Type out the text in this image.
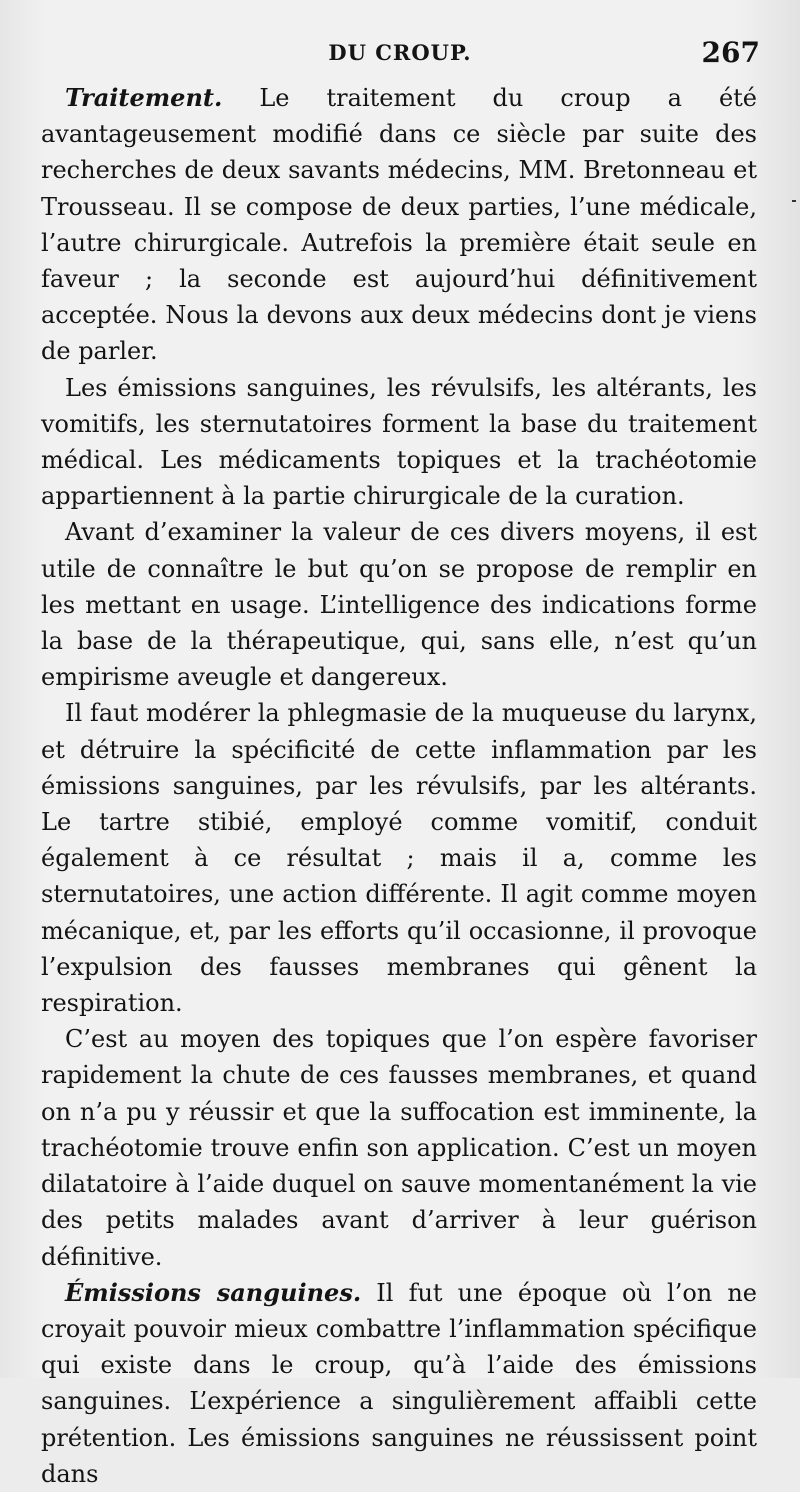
DU CROUP.	267

Traitement. Le traitement du croup a été avantageusement modifié dans ce siècle par suite des recherches de deux savants médecins, MM. Bretonneau et Trousseau. Il se compose de deux parties, l’une médicale, l’autre chirurgicale. Autrefois la première était seule en faveur ; la seconde est aujourd’hui définitivement acceptée. Nous la devons aux deux médecins dont je viens de parler.

Les émissions sanguines, les révulsifs, les altérants, les vomitifs, les sternutatoires forment la base du traitement médical. Les médicaments topiques et la trachéotomie appartiennent à la partie chirurgicale de la curation.

Avant d’examiner la valeur de ces divers moyens, il est utile de connaître le but qu’on se propose de remplir en les mettant en usage. L’intelligence des indications forme la base de la thérapeutique, qui, sans elle, n’est qu’un empirisme aveugle et dangereux.

Il faut modérer la phlegmasie de la muqueuse du larynx, et détruire la spécificité de cette inflammation par les émissions sanguines, par les révulsifs, par les altérants. Le tartre stibié, employé comme vomitif, conduit également à ce résultat ; mais il a, comme les sternutatoires, une action différente. Il agit comme moyen mécanique, et, par les efforts qu’il occasionne, il provoque l’expulsion des fausses membranes qui gênent la respiration.

C’est au moyen des topiques que l’on espère favoriser rapidement la chute de ces fausses membranes, et quand on n’a pu y réussir et que la suffocation est imminente, la trachéotomie trouve enfin son application. C’est un moyen dilatatoire à l’aide duquel on sauve momentanément la vie des petits malades avant d’arriver à leur guérison définitive.

Émissions sanguines. Il fut une époque où l’on ne croyait pouvoir mieux combattre l’inflammation spécifique qui existe dans le croup, qu’à l’aide des émissions sanguines. L’expérience a singulièrement affaibli cette prétention. Les émissions sanguines ne réussissent point dans
